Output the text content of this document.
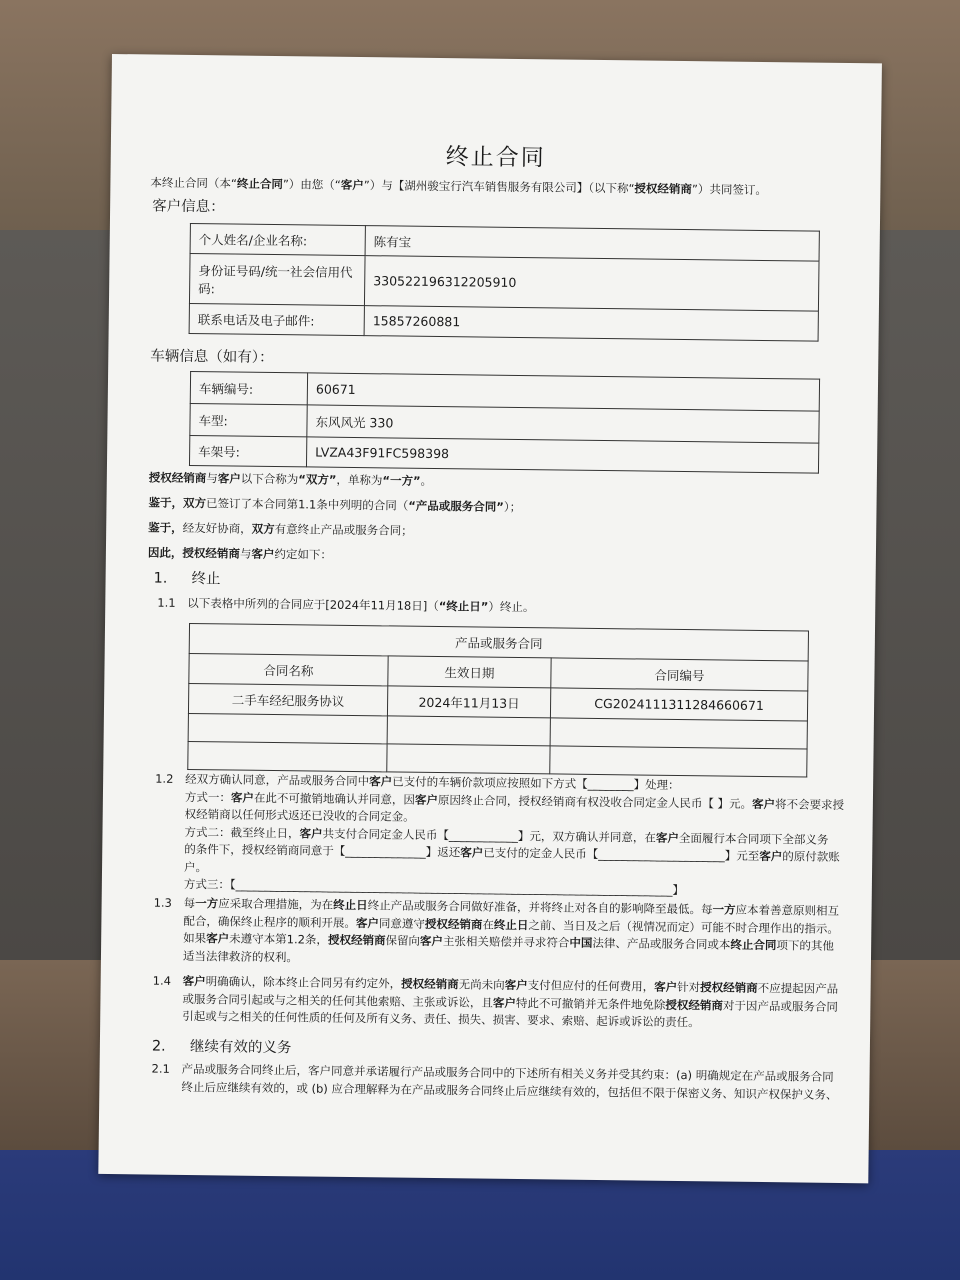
终止合同
本终止合同（本“终止合同”）由您（“客户”）与【湖州骏宝行汽车销售服务有限公司】（以下称“授权经销商”）共同签订。
客户信息：
个人姓名/企业名称:	陈有宝
身份证号码/统一社会信用代码:	330522196312205910
联系电话及电子邮件:	15857260881
车辆信息（如有）：
车辆编号:	60671
车型:	东风风光 330
车架号:	LVZA43F91FC598398
授权经销商与客户以下合称为“双方”，单称为“一方”。
鉴于，双方已签订了本合同第1.1条中列明的合同（“产品或服务合同”）；
鉴于，经友好协商，双方有意终止产品或服务合同；
因此，授权经销商与客户约定如下：
1. 终止
1.1 以下表格中所列的合同应于[2024年11月18日]（“终止日”）终止。
产品或服务合同		
合同名称	生效日期	合同编号
二手车经纪服务协议	2024年11月13日	CG2024111311284660671

1.2 经双方确认同意，产品或服务合同中客户已支付的车辆价款项应按照如下方式【________】处理：
方式一：客户在此不可撤销地确认并同意，因客户原因终止合同，授权经销商有权没收合同定金人民币【 】元。客户将不会要求授
权经销商以任何形式返还已没收的合同定金。
方式二：截至终止日，客户共支付合同定金人民币【____________】元，双方确认并同意，在客户全面履行本合同项下全部义务
的条件下，授权经销商同意于【______________】返还客户已支付的定金人民币【______________________】元至客户的原付款账
户。
方式三：【____________________________________________________________________________】
1.3 每一方应采取合理措施，为在终止日终止产品或服务合同做好准备，并将终止对各自的影响降至最低。每一方应本着善意原则相互
配合，确保终止程序的顺利开展。客户同意遵守授权经销商在终止日之前、当日及之后（视情况而定）可能不时合理作出的指示。
如果客户未遵守本第1.2条，授权经销商保留向客户主张相关赔偿并寻求符合中国法律、产品或服务合同或本终止合同项下的其他
适当法律救济的权利。
1.4 客户明确确认，除本终止合同另有约定外，授权经销商无尚未向客户支付但应付的任何费用，客户针对授权经销商不应提起因产品
或服务合同引起或与之相关的任何其他索赔、主张或诉讼，且客户特此不可撤销并无条件地免除授权经销商对于因产品或服务合同
引起或与之相关的任何性质的任何及所有义务、责任、损失、损害、要求、索赔、起诉或诉讼的责任。
2. 继续有效的义务
2.1 产品或服务合同终止后，客户同意并承诺履行产品或服务合同中的下述所有相关义务并受其约束：(a) 明确规定在产品或服务合同
终止后应继续有效的，或 (b) 应合理解释为在产品或服务合同终止后应继续有效的，包括但不限于保密义务、知识产权保护义务、
